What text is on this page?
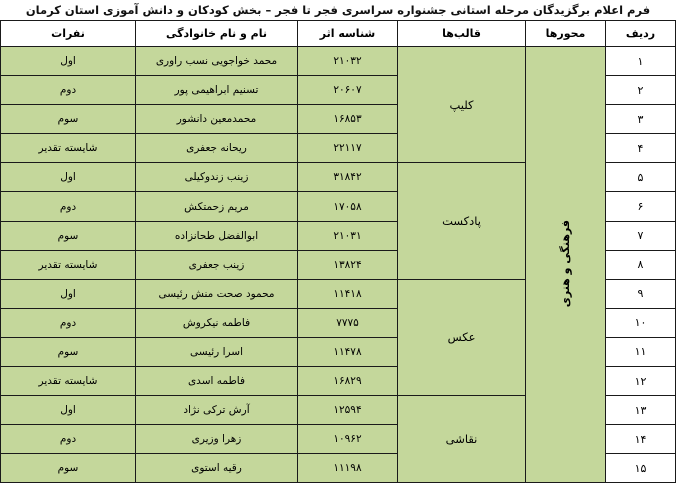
فرم اعلام برگزیدگان مرحله استانی جشنواره سراسری فجر تا فجر – بخش کودکان و دانش آموزی استان کرمان
ردیف	محورها	قالب‌ها	شناسه اثر	نام و نام خانوادگی	نفرات
۱	فرهنگی و هنری	کلیپ	۲۱۰۳۲	محمد خواجویی نسب راوری	اول
۲			۲۰۶۰۷	تسنیم ابراهیمی پور	دوم
۳			۱۶۸۵۳	محمدمعین دانشور	سوم
۴			۲۲۱۱۷	ریحانه جعفری	شایسته تقدیر
۵		پادکست	۳۱۸۴۲	زینب زندوکیلی	اول
۶			۱۷۰۵۸	مریم زحمتکش	دوم
۷			۲۱۰۳۱	ابوالفضل طحانزاده	سوم
۸			۱۳۸۲۴	زینب جعفری	شایسته تقدیر
۹		عکس	۱۱۴۱۸	محمود صحت منش رئیسی	اول
۱۰			۷۷۷۵	فاطمه نیکروش	دوم
۱۱			۱۱۴۷۸	اسرا رئیسی	سوم
۱۲			۱۶۸۲۹	فاطمه اسدی	شایسته تقدیر
۱۳		نقاشی	۱۲۵۹۴	آرش ترکی نژاد	اول
۱۴			۱۰۹۶۲	زهرا وزیری	دوم
۱۵			۱۱۱۹۸	رقیه استوی	سوم
